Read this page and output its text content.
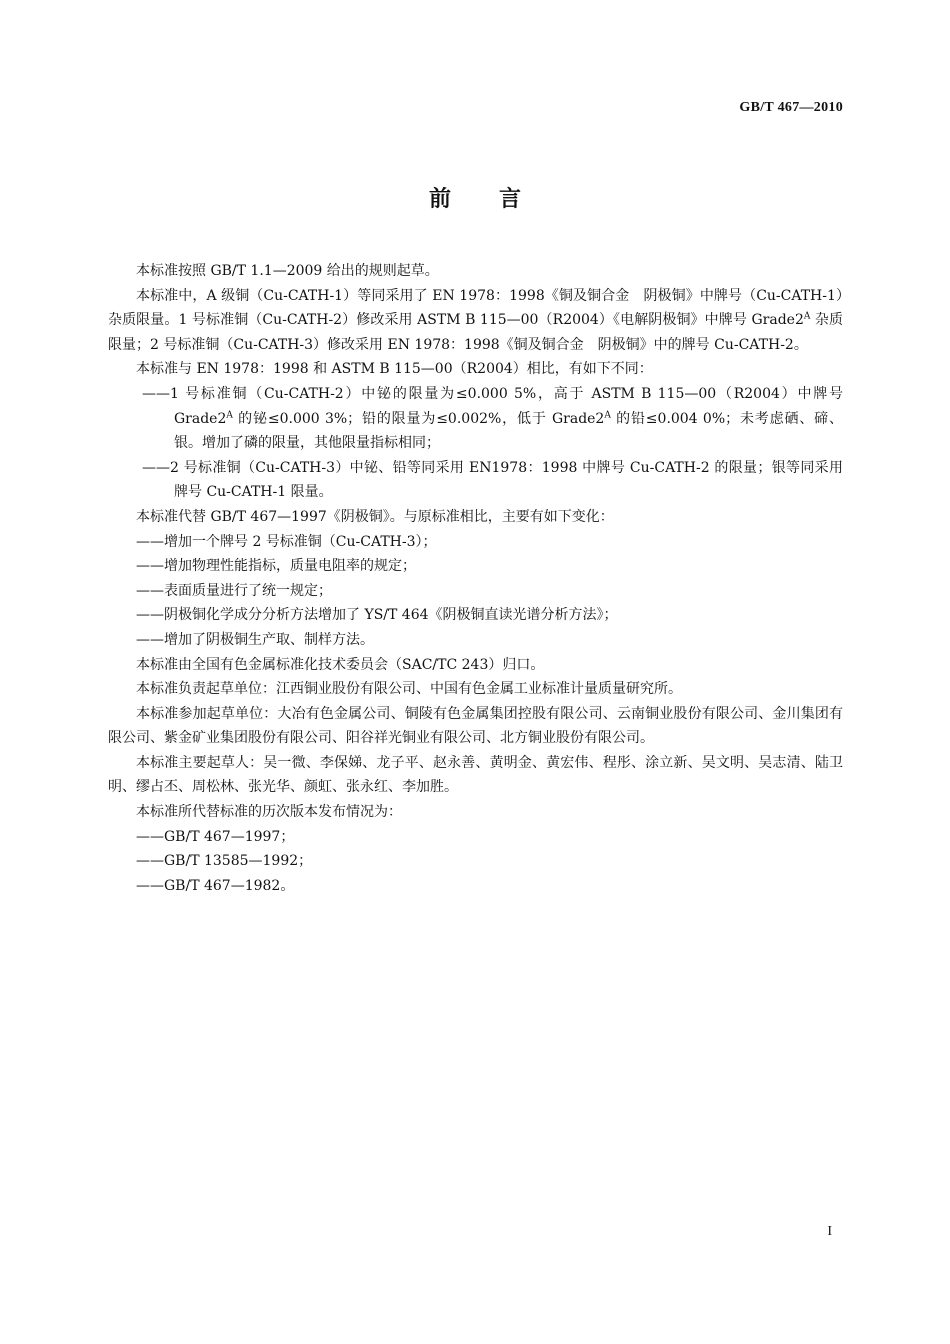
GB/T 467—2010
前言

本标准按照 GB/T 1.1—2009 给出的规则起草。

本标准中，A 级铜（Cu-CATH-1）等同采用了 EN 1978：1998《铜及铜合金　阴极铜》中牌号（Cu-CATH-1）杂质限量。1 号标准铜（Cu-CATH-2）修改采用 ASTM B 115—00（R2004）《电解阴极铜》中牌号 $Grade2^A$ 杂质限量；2 号标准铜（Cu-CATH-3）修改采用 EN 1978：1998《铜及铜合金　阴极铜》中的牌号 Cu-CATH-2。

本标准与 EN 1978：1998 和 ASTM B 115—00（R2004）相比，有如下不同：

——1 号标准铜（Cu-CATH-2）中铋的限量为≤0.000 5%，高于 ASTM B 115—00（R2004）中牌号 $Grade2^A$ 的铋≤0.000 3%；铅的限量为≤0.002%，低于 $Grade2^A$ 的铅≤0.004 0%；未考虑硒、碲、银。增加了磷的限量，其他限量指标相同；

——2 号标准铜（Cu-CATH-3）中铋、铅等同采用 EN1978：1998 中牌号 Cu-CATH-2 的限量；银等同采用牌号 Cu-CATH-1 限量。

本标准代替 GB/T 467—1997《阴极铜》。与原标准相比，主要有如下变化：

——增加一个牌号 2 号标准铜（Cu-CATH-3）；

——增加物理性能指标，质量电阻率的规定；

——表面质量进行了统一规定；

——阴极铜化学成分分析方法增加了 YS/T 464《阴极铜直读光谱分析方法》；

——增加了阴极铜生产取、制样方法。

本标准由全国有色金属标准化技术委员会（SAC/TC 243）归口。

本标准负责起草单位：江西铜业股份有限公司、中国有色金属工业标准计量质量研究所。

本标准参加起草单位：大冶有色金属公司、铜陵有色金属集团控股有限公司、云南铜业股份有限公司、金川集团有限公司、紫金矿业集团股份有限公司、阳谷祥光铜业有限公司、北方铜业股份有限公司。

本标准主要起草人：吴一微、李保娣、龙子平、赵永善、黄明金、黄宏伟、程彤、涂立新、吴文明、吴志清、陆卫明、缪占丕、周松林、张光华、颜虹、张永红、李加胜。

本标准所代替标准的历次版本发布情况为：

——GB/T 467—1997；

——GB/T 13585—1992；

——GB/T 467—1982。

I
